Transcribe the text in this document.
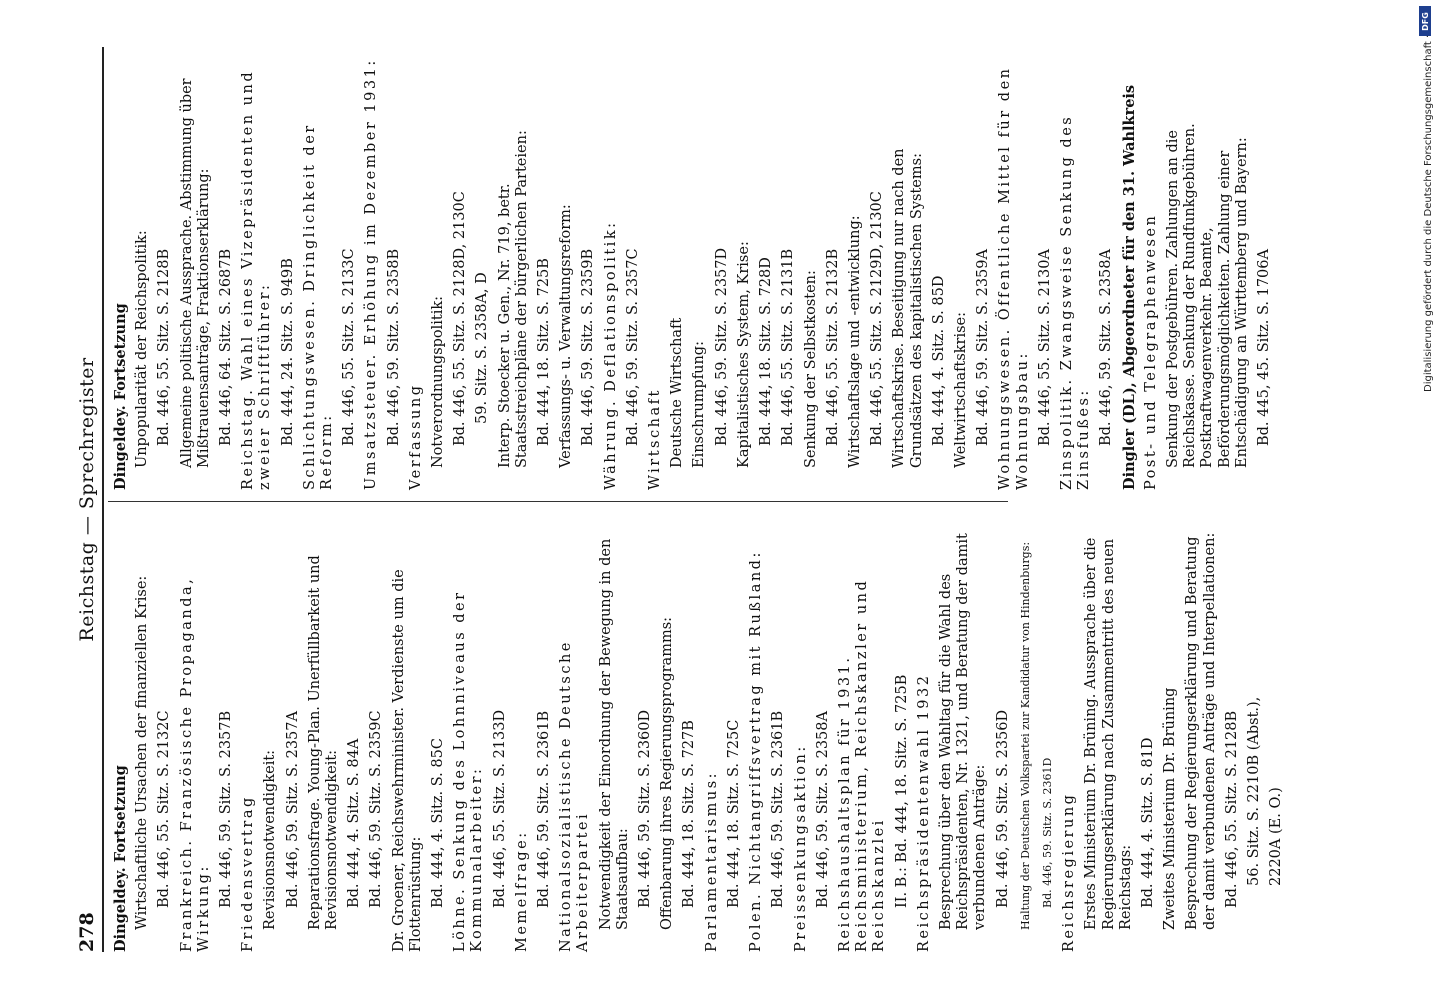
278
Reichstag — Sprechregister
Dingeldey. Fortsetzung Wirtschaftliche Ursachen der finanziellen Krise: Bd. 446, 55. Sitz. S. 2132C Frankreich. Französische Propaganda, Wirkung:
Bd. 446, 59. Sitz. S. 2357B Friedensvertrag Revisionsnotwendigkeit: Bd. 446, 59. Sitz. S. 2357A Reparationsfrage. Young-Plan. Unerfüllbarkeit und Revisionsnotwendigkeit: Bd. 444, 4. Sitz. S. 84A Bd. 446, 59. Sitz. S. 2359C Dr. Groener, Reichswehrminister. Verdienste um die Flottenrüstung: Bd. 444, 4. Sitz. S. 85C Löhne. Senkung des Lohnniveaus der Kommunalarbeiter: Bd. 446, 55. Sitz. S. 2133D Memelfrage: Bd. 446, 59. Sitz. S. 2361B Nationalsozialistische Deutsche Arbeiterpartei Notwendigkeit der Einordnung der Bewegung in den Staatsaufbau: Bd. 446, 59. Sitz. S. 2360D Offenbarung ihres Regierungsprogramms: Bd. 444, 18. Sitz. S. 727B Parlamentarismus: Bd. 444, 18. Sitz. S. 725C Polen. Nichtangriffsvertrag mit Rußland: Bd. 446, 59. Sitz. S. 2361B Preissenkungsaktion: Bd. 446, 59. Sitz. S. 2358A Reichshaushaltsplan für 1931. Reichsministerium, Reichskanzler und Reichskanzlei II. B.: Bd. 444, 18. Sitz. S. 725B Reichspräsidentenwahl 1932 Besprechung über den Wahltag für die Wahl des Reichspräsidenten, Nr. 1321, und Beratung der damit verbundenen Anträge: Bd. 446, 59. Sitz. S. 2356D Haltung der Deutschen Volkspartei zur Kandidatur von Hindenburgs: Bd. 446, 59. Sitz. S. 2361D Reichsregierung Erstes Ministerium Dr. Brüning. Aussprache über die Regierungserklärung nach Zusammentritt des neuen Reichstags: Bd. 444, 4. Sitz. S. 81D Zweites Ministerium Dr. Brüning Besprechung der Regierungserklärung und Beratung der damit verbundenen Anträge und Interpellationen: Bd. 446, 55. Sitz. S. 2128B 56. Sitz. S. 2210B (Abst.), 2220A (E. O.)
Dingeldey. Fortsetzung Unpopularität der Reichspolitik: Bd. 446, 55. Sitz. S. 2128B Allgemeine politische Aussprache. Abstimmung über Mißtrauensanträge, Fraktionserklärung: Bd. 446, 64. Sitz. S. 2687B Reichstag. Wahl eines Vizepräsidenten und zweier Schriftführer: Bd. 444, 24. Sitz. S. 949B Schlichtungswesen. Dringlichkeit der Reform:
Bd. 446, 55. Sitz. S. 2133C Umsatzsteuer. Erhöhung im Dezember 1931: Bd. 446, 59. Sitz. S. 2358B Verfassung Notverordnungspolitik: Bd. 446, 55. Sitz. S. 2128D, 2130C 59. Sitz. S. 2358A, D Interp. Stoecker u. Gen., Nr. 719, betr. Staatsstreichpläne der bürgerlichen Parteien: Bd. 444, 18. Sitz. S. 725B Verfassungs- u. Verwaltungsreform: Bd. 446, 59. Sitz. S. 2359B Währung. Deflationspolitik: Bd. 446, 59. Sitz. S. 2357C Wirtschaft Deutsche Wirtschaft Einschrumpfung: Bd. 446, 59. Sitz. S. 2357D Kapitalistisches System, Krise: Bd. 444, 18. Sitz. S. 728D Bd. 446, 55. Sitz. S. 2131B Senkung der Selbstkosten: Bd. 446, 55. Sitz. S. 2132B Wirtschaftslage und -entwicklung: Bd. 446, 55. Sitz. S. 2129D, 2130C Wirtschaftskrise. Beseitigung nur nach den Grundsätzen des kapitalistischen Systems: Bd. 444, 4. Sitz. S. 85D Weltwirtschaftskrise: Bd. 446, 59. Sitz. S. 2359A Wohnungswesen. Öffentliche Mittel für den Wohnungsbau: Bd. 446, 55. Sitz. S. 2130A Zinspolitik. Zwangsweise Senkung des Zinsfußes: Bd. 446, 59. Sitz. S. 2358A Dingler (DL), Abgeordneter für den 31. Wahlkreis Post- und Telegraphenwesen Senkung der Postgebühren. Zahlungen an die Reichskasse. Senkung der Rundfunkgebühren. Postkraftwagenverkehr. Beamte, Beförderungsmöglichkeiten. Zahlung einer Entschädigung an Württemberg und Bayern: Bd. 445, 45. Sitz. S. 1706A
DFG
Digitalisierung gefördert durch die Deutsche Forschungsgemeinschaft ·
